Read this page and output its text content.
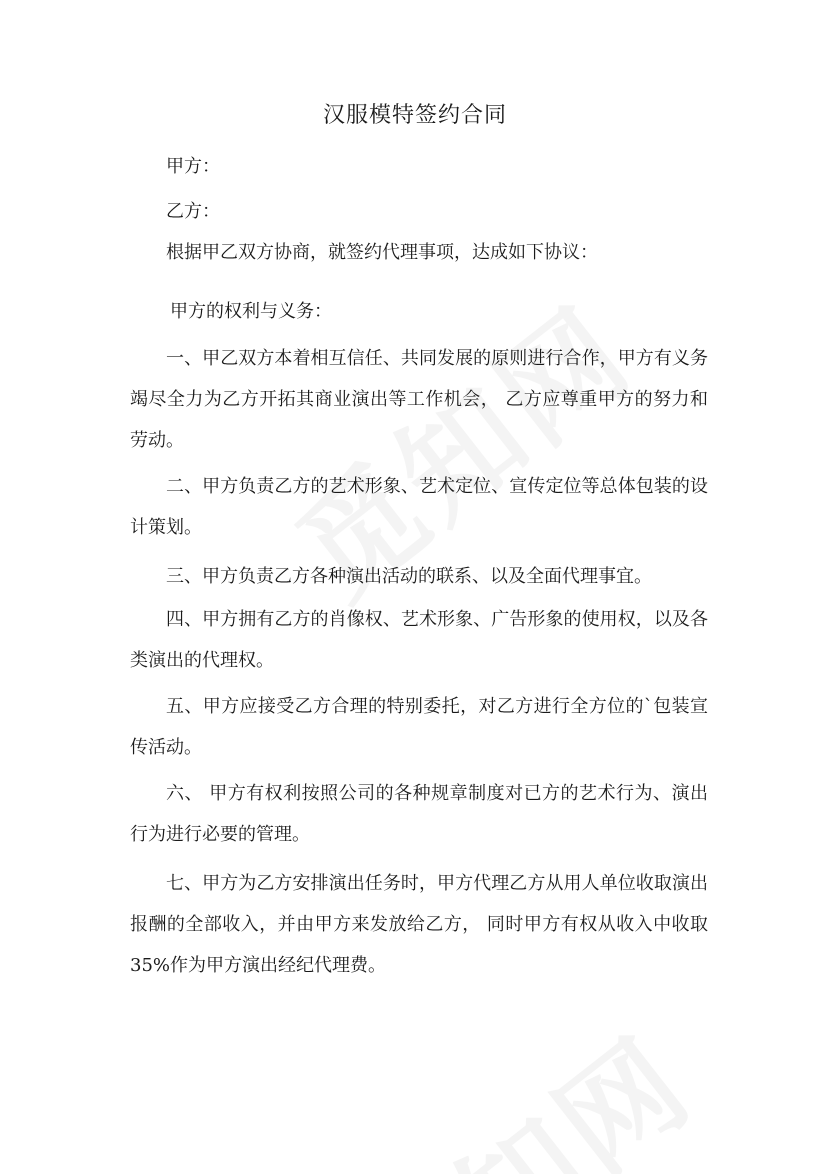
汉服模特签约合同

甲方：

乙方：

根据甲乙双方协商，就签约代理事项，达成如下协议：

甲方的权利与义务：

一、甲乙双方本着相互信任、共同发展的原则进行合作，甲方有义务竭尽全力为乙方开拓其商业演出等工作机会， 乙方应尊重甲方的努力和劳动。

二、甲方负责乙方的艺术形象、艺术定位、宣传定位等总体包装的设计策划。

三、甲方负责乙方各种演出活动的联系、以及全面代理事宜。

四、甲方拥有乙方的肖像权、艺术形象、广告形象的使用权，以及各类演出的代理权。

五、甲方应接受乙方合理的特别委托，对乙方进行全方位的`包装宣传活动。

六、 甲方有权利按照公司的各种规章制度对已方的艺术行为、演出行为进行必要的管理。

七、甲方为乙方安排演出任务时，甲方代理乙方从用人单位收取演出报酬的全部收入，并由甲方来发放给乙方， 同时甲方有权从收入中收取 35%作为甲方演出经纪代理费。
